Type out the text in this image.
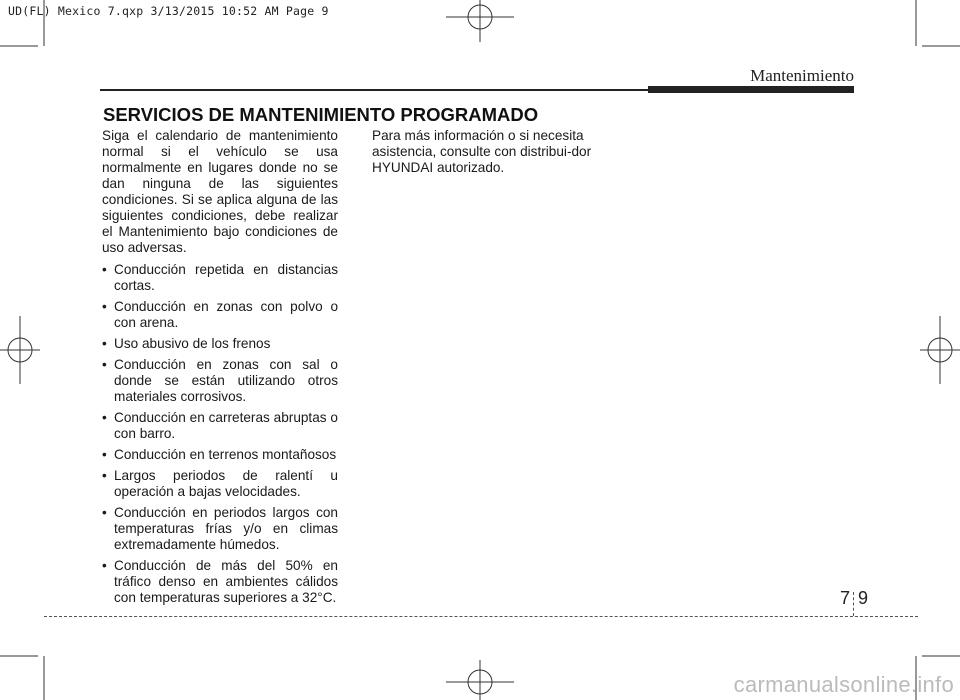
UD(FL) Mexico 7.qxp 3/13/2015 10:52 AM Page 9
Mantenimiento
SERVICIOS DE MANTENIMIENTO PROGRAMADO

Siga el calendario de mantenimiento normal si el vehículo se usa normalmente en lugares donde no se dan ninguna de las siguientes condiciones. Si se aplica alguna de las siguientes condiciones, debe realizar el Mantenimiento bajo condiciones de uso adversas.

• Conducción repetida en distancias cortas.
• Conducción en zonas con polvo o con arena.
• Uso abusivo de los frenos
• Conducción en zonas con sal o donde se están utilizando otros materiales corrosivos.
• Conducción en carreteras abruptas o con barro.
• Conducción en terrenos montañosos
• Largos periodos de ralentí u operación a bajas velocidades.
• Conducción en periodos largos con temperaturas frías y/o en climas extremadamente húmedos.
• Conducción de más del 50% en tráfico denso en ambientes cálidos con temperaturas superiores a 32°C.

Para más información o si necesita asistencia, consulte con distribui-dor HYUNDAI autorizado.

7 9
carmanualsonline.info
